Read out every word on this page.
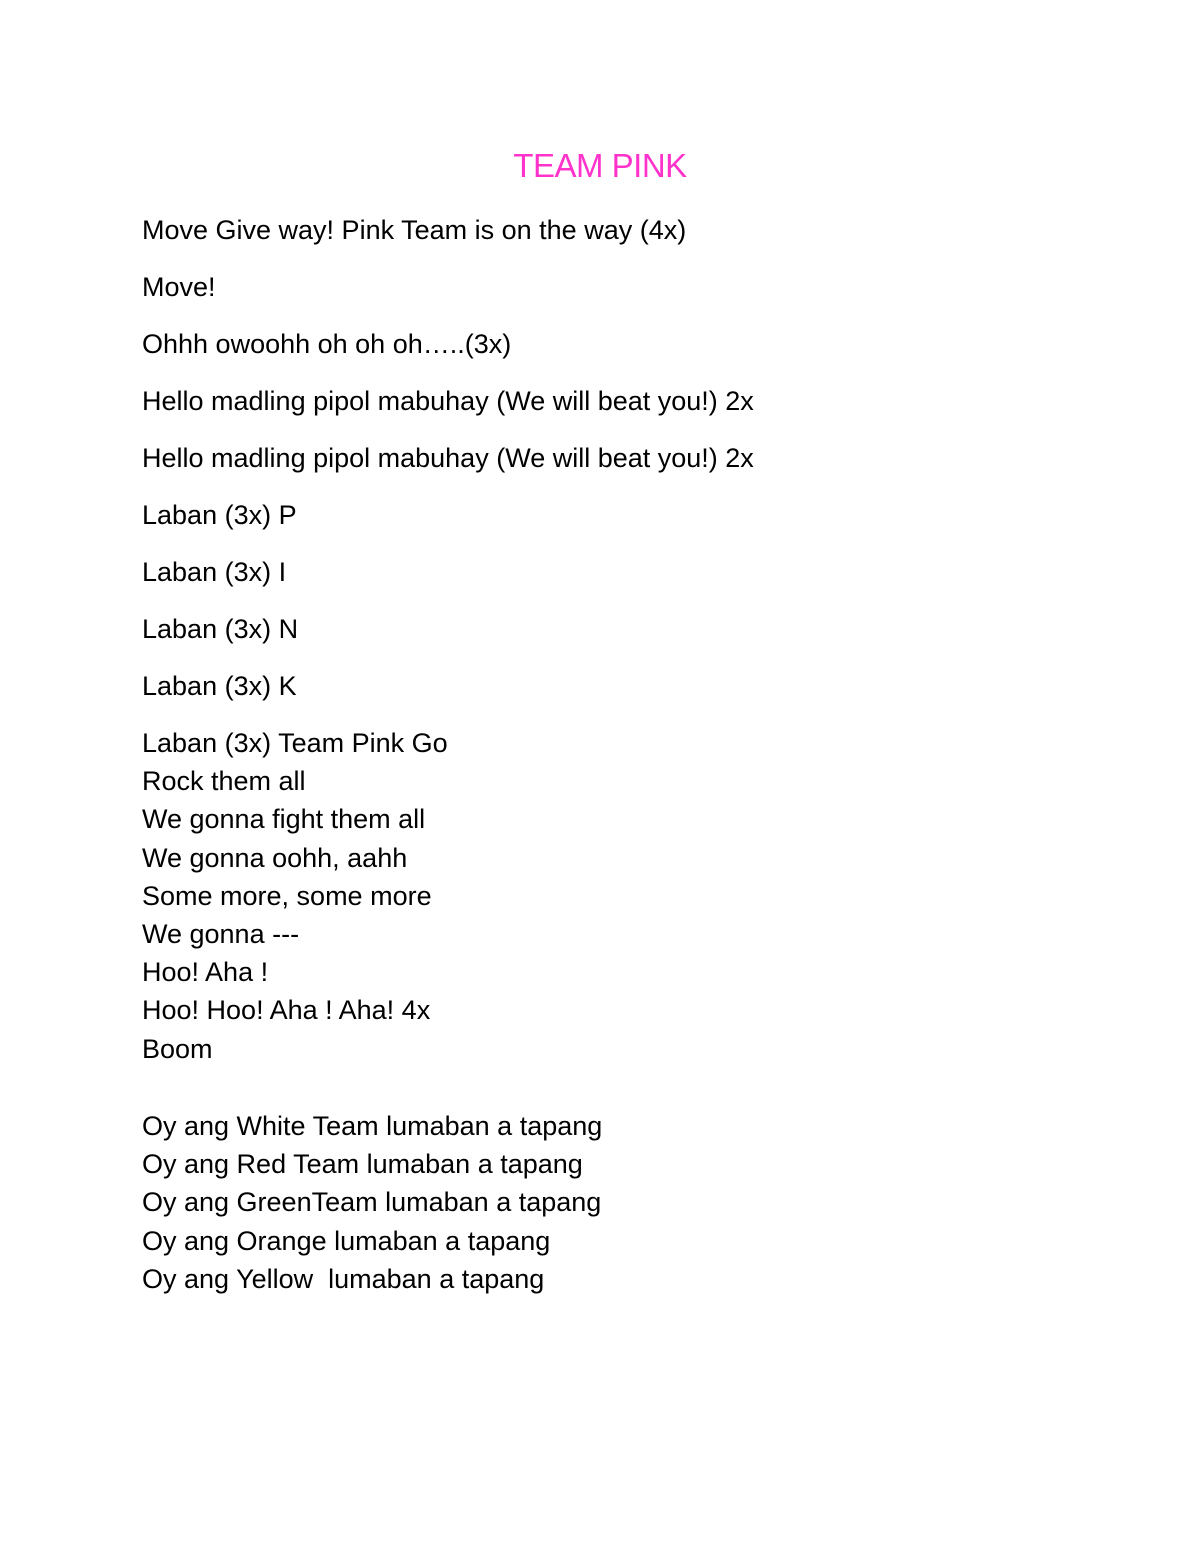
TEAM PINK
Move Give way! Pink Team is on the way (4x)
Move!
Ohhh owoohh oh oh oh…..(3x)
Hello madling pipol mabuhay (We will beat you!) 2x
Hello madling pipol mabuhay (We will beat you!) 2x
Laban (3x) P
Laban (3x) I
Laban (3x) N
Laban (3x) K
Laban (3x) Team Pink Go
Rock them all
We gonna fight them all
We gonna oohh, aahh
Some more, some more
We gonna ---
Hoo! Aha !
Hoo! Hoo! Aha ! Aha! 4x
Boom
Oy ang White Team lumaban a tapang
Oy ang Red Team lumaban a tapang
Oy ang GreenTeam lumaban a tapang
Oy ang Orange lumaban a tapang
Oy ang Yellow  lumaban a tapang
